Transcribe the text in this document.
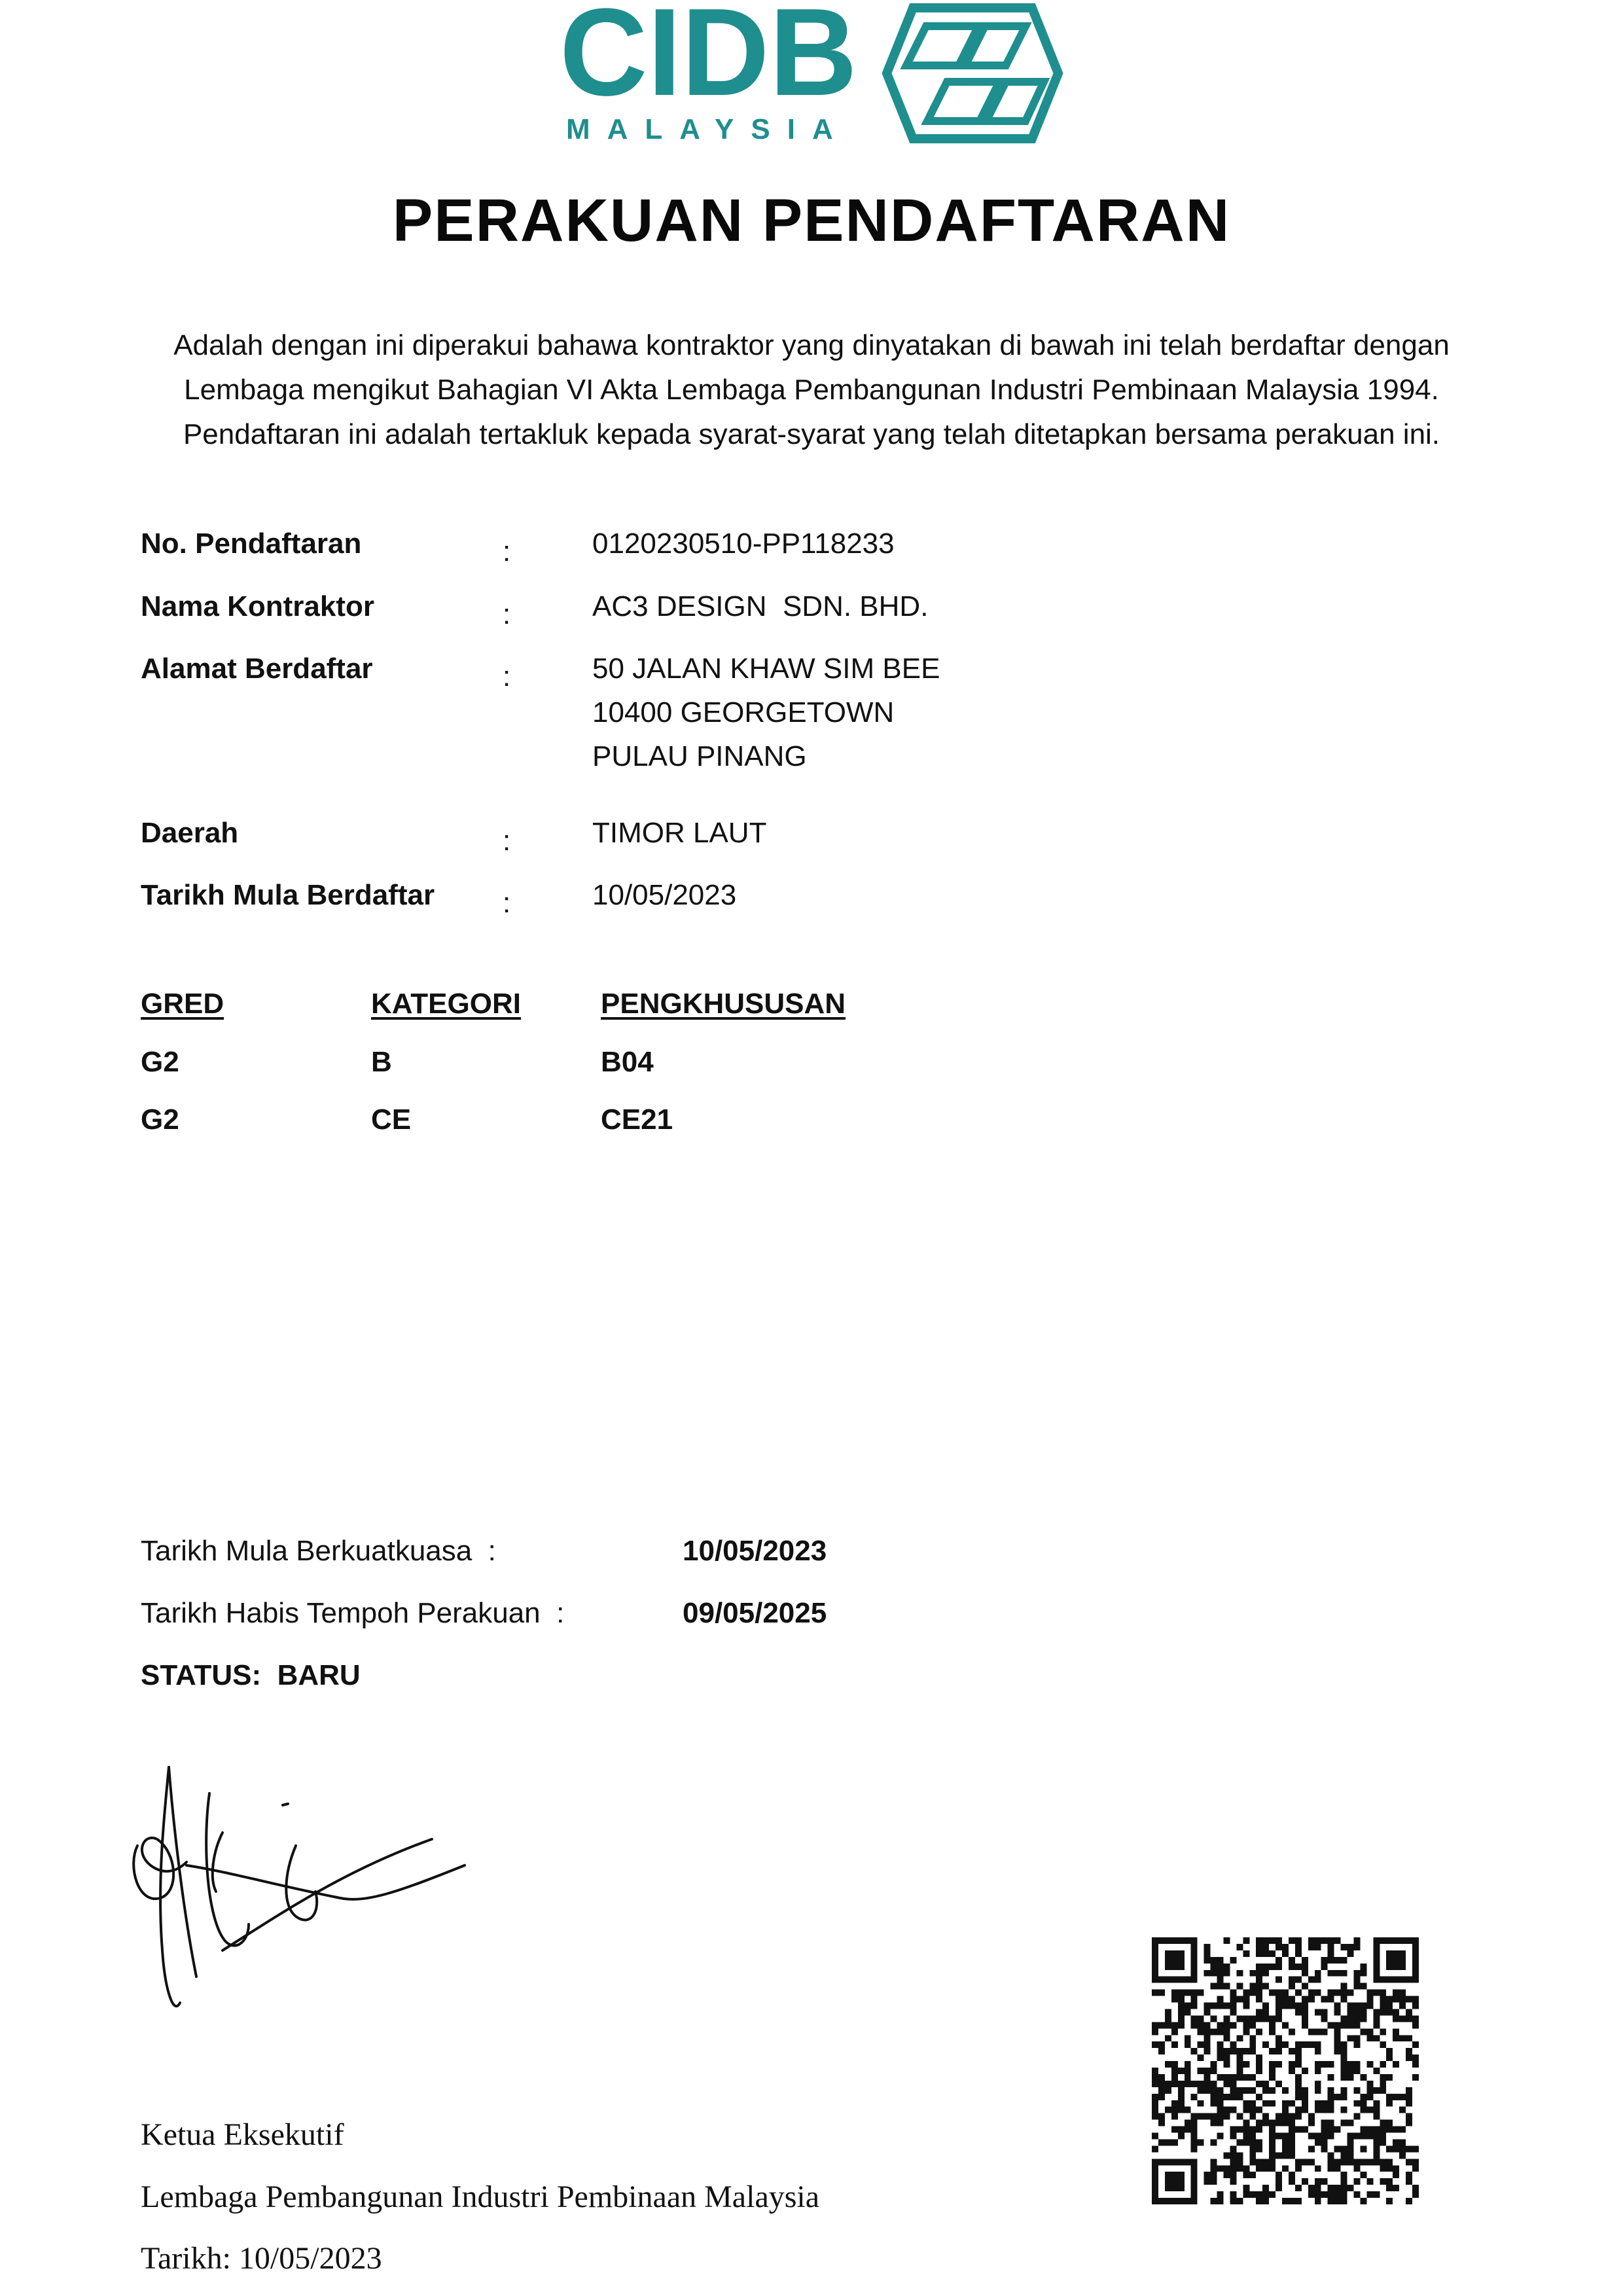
CIDB
MALAYSIA
PERAKUAN PENDAFTARAN
Adalah dengan ini diperakui bahawa kontraktor yang dinyatakan di bawah ini telah berdaftar dengan
Lembaga mengikut Bahagian VI Akta Lembaga Pembangunan Industri Pembinaan Malaysia 1994.
Pendaftaran ini adalah tertakluk kepada syarat-syarat yang telah ditetapkan bersama perakuan ini.
No. Pendaftaran	:	0120230510-PP118233
Nama Kontraktor	:	AC3 DESIGN  SDN. BHD.
Alamat Berdaftar	:	50 JALAN KHAW SIM BEE
10400 GEORGETOWN
PULAU PINANG
Daerah	:	TIMOR LAUT
Tarikh Mula Berdaftar :	10/05/2023
GRED	KATEGORI	PENGKHUSUSAN
G2	B	B04
G2	CE	CE21
Tarikh Mula Berkuatkuasa  :	10/05/2023
Tarikh Habis Tempoh Perakuan  :	09/05/2025
STATUS:  BARU
Ketua Eksekutif
Lembaga Pembangunan Industri Pembinaan Malaysia
Tarikh: 10/05/2023
